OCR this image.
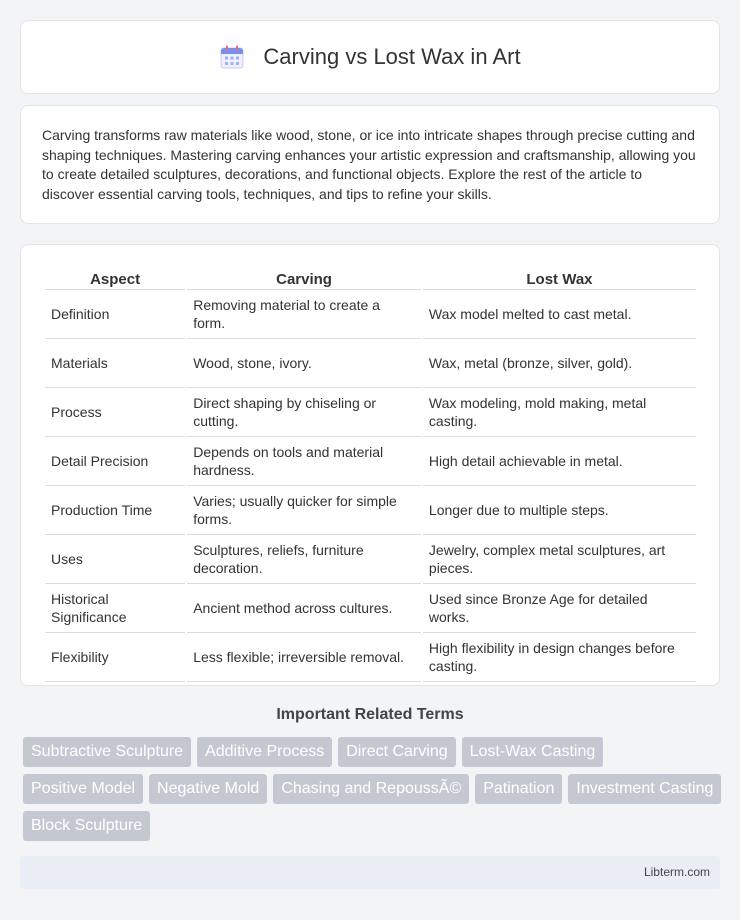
Carving vs Lost Wax in Art

Carving transforms raw materials like wood, stone, or ice into intricate shapes through precise cutting and shaping techniques. Mastering carving enhances your artistic expression and craftsmanship, allowing you to create detailed sculptures, decorations, and functional objects. Explore the rest of the article to discover essential carving tools, techniques, and tips to refine your skills.

Aspect	Carving	Lost Wax
Definition	Removing material to create a form.	Wax model melted to cast metal.
Materials	Wood, stone, ivory.	Wax, metal (bronze, silver, gold).
Process	Direct shaping by chiseling or cutting.	Wax modeling, mold making, metal casting.
Detail Precision	Depends on tools and material hardness.	High detail achievable in metal.
Production Time	Varies; usually quicker for simple forms.	Longer due to multiple steps.
Uses	Sculptures, reliefs, furniture decoration.	Jewelry, complex metal sculptures, art pieces.
Historical Significance	Ancient method across cultures.	Used since Bronze Age for detailed works.
Flexibility	Less flexible; irreversible removal.	High flexibility in design changes before casting.
Important Related Terms
Subtractive Sculpture	Additive Process	Direct Carving	Lost-Wax Casting
Positive Model	Negative Mold	Chasing and RepoussÃ©	Patination	Investment Casting
Block Sculpture
Libterm.com
